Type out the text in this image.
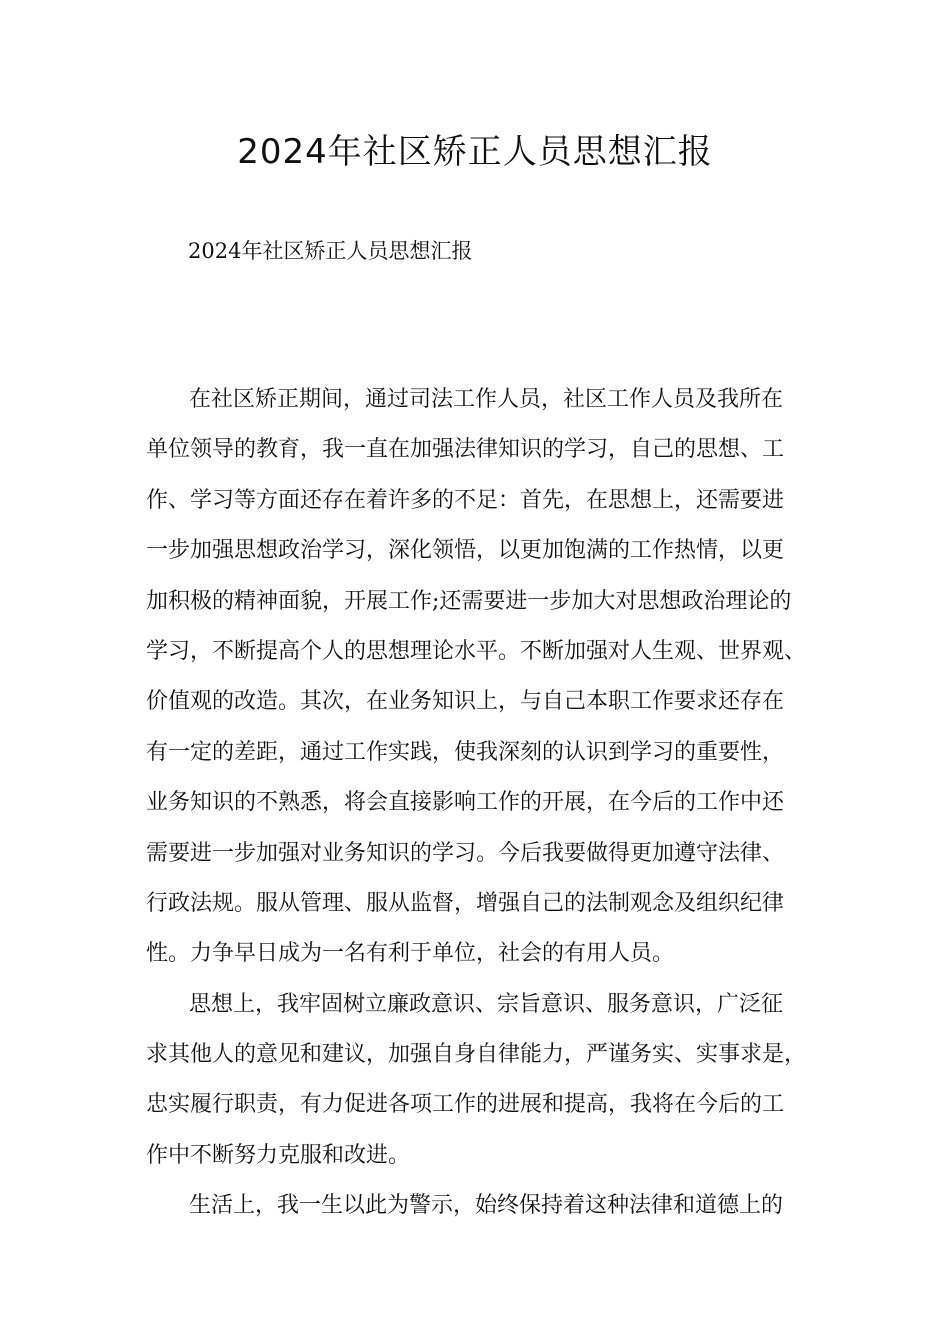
2024年社区矫正人员思想汇报

2024年社区矫正人员思想汇报

在社区矫正期间，通过司法工作人员，社区工作人员及我所在

单位领导的教育，我一直在加强法律知识的学习，自己的思想、工

作、学习等方面还存在着许多的不足：首先，在思想上，还需要进

一步加强思想政治学习，深化领悟，以更加饱满的工作热情，以更

加积极的精神面貌，开展工作;还需要进一步加大对思想政治理论的

学习，不断提高个人的思想理论水平。不断加强对人生观、世界观、

价值观的改造。其次，在业务知识上，与自己本职工作要求还存在

有一定的差距，通过工作实践，使我深刻的认识到学习的重要性，

业务知识的不熟悉，将会直接影响工作的开展，在今后的工作中还

需要进一步加强对业务知识的学习。今后我要做得更加遵守法律、

行政法规。服从管理、服从监督，增强自己的法制观念及组织纪律

性。力争早日成为一名有利于单位，社会的有用人员。

思想上，我牢固树立廉政意识、宗旨意识、服务意识，广泛征

求其他人的意见和建议，加强自身自律能力，严谨务实、实事求是，

忠实履行职责，有力促进各项工作的进展和提高，我将在今后的工

作中不断努力克服和改进。

生活上，我一生以此为警示，始终保持着这种法律和道德上的
